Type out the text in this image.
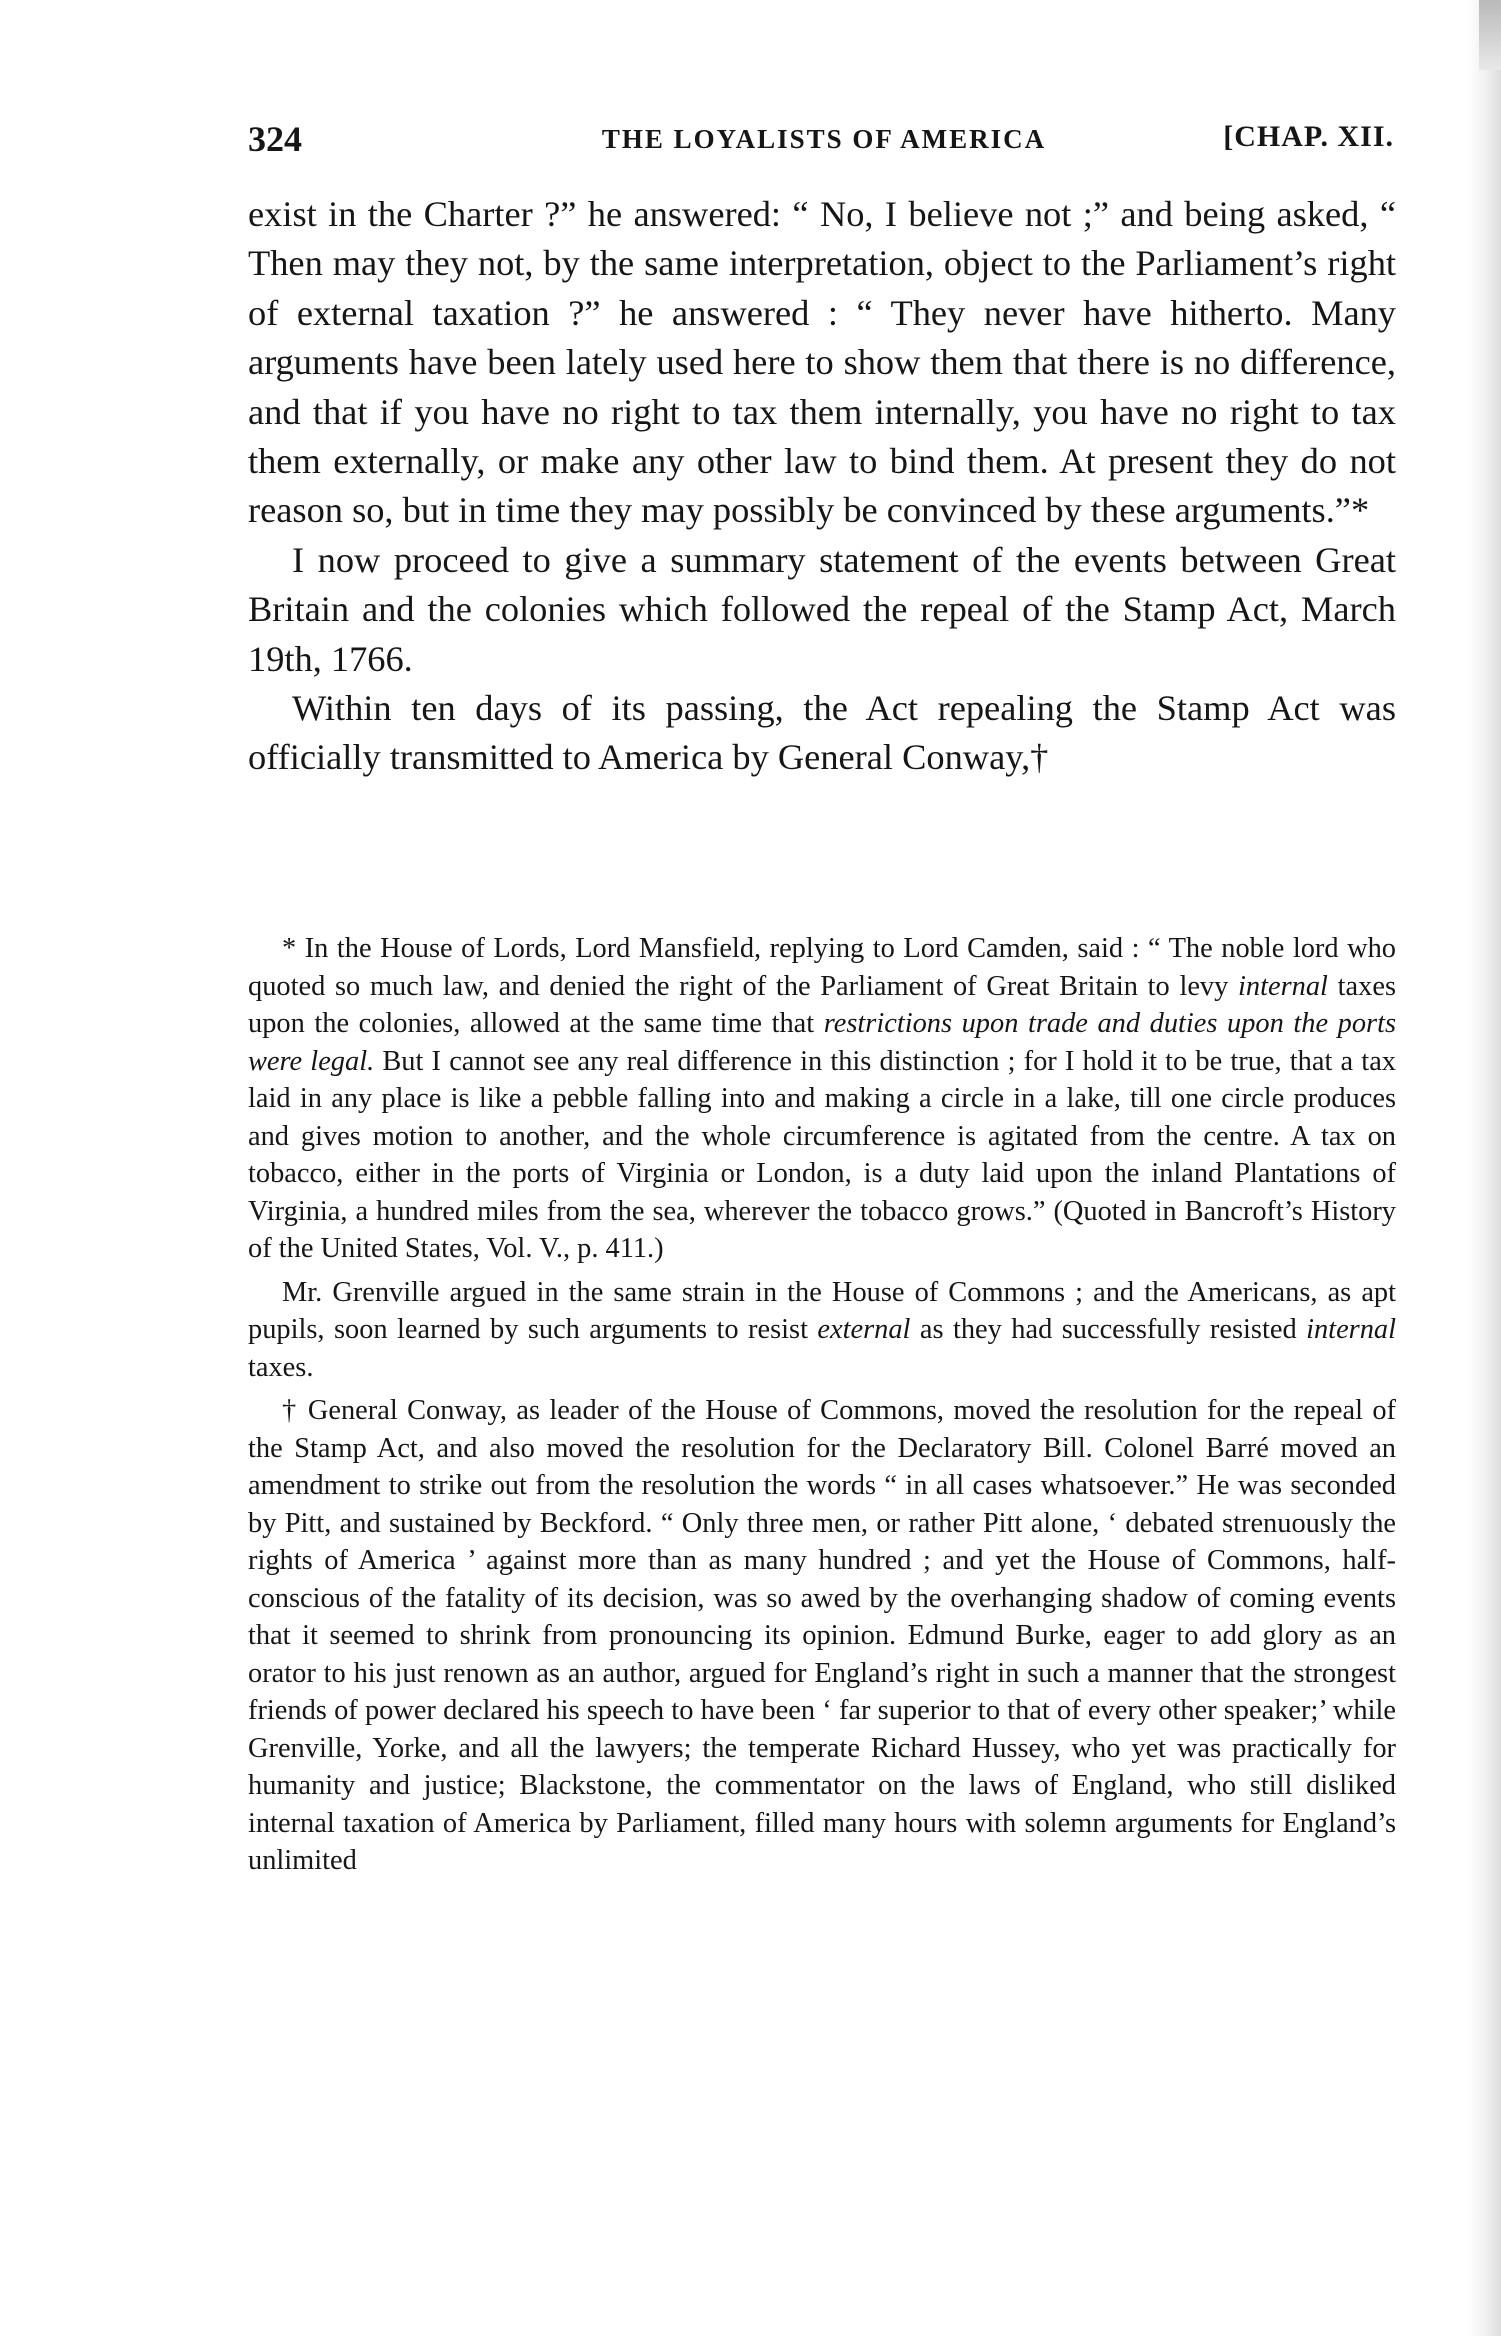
324	THE LOYALISTS OF AMERICA	[CHAP. XII.

exist in the Charter ?” he answered: “ No, I believe not ;” and being asked, “ Then may they not, by the same interpretation, object to the Parliament’s right of external taxation ?” he answered : “ They never have hitherto. Many arguments have been lately used here to show them that there is no difference, and that if you have no right to tax them internally, you have no right to tax them externally, or make any other law to bind them. At present they do not reason so, but in time they may possibly be convinced by these arguments.”*

I now proceed to give a summary statement of the events between Great Britain and the colonies which followed the repeal of the Stamp Act, March 19th, 1766.

Within ten days of its passing, the Act repealing the Stamp Act was officially transmitted to America by General Conway,†

* In the House of Lords, Lord Mansfield, replying to Lord Camden, said : “ The noble lord who quoted so much law, and denied the right of the Parliament of Great Britain to levy internal taxes upon the colonies, allowed at the same time that restrictions upon trade and duties upon the ports were legal. But I cannot see any real difference in this distinction ; for I hold it to be true, that a tax laid in any place is like a pebble falling into and making a circle in a lake, till one circle produces and gives motion to another, and the whole circumference is agitated from the centre. A tax on tobacco, either in the ports of Virginia or London, is a duty laid upon the inland Plantations of Virginia, a hundred miles from the sea, wherever the tobacco grows.” (Quoted in Bancroft’s History of the United States, Vol. V., p. 411.)

Mr. Grenville argued in the same strain in the House of Commons ; and the Americans, as apt pupils, soon learned by such arguments to resist external as they had successfully resisted internal taxes.

† General Conway, as leader of the House of Commons, moved the resolution for the repeal of the Stamp Act, and also moved the resolution for the Declaratory Bill. Colonel Barré moved an amendment to strike out from the resolution the words “ in all cases whatsoever.” He was seconded by Pitt, and sustained by Beckford. “ Only three men, or rather Pitt alone, ‘ debated strenuously the rights of America ’ against more than as many hundred ; and yet the House of Commons, half-conscious of the fatality of its decision, was so awed by the overhanging shadow of coming events that it seemed to shrink from pronouncing its opinion. Edmund Burke, eager to add glory as an orator to his just renown as an author, argued for England’s right in such a manner that the strongest friends of power declared his speech to have been ‘ far superior to that of every other speaker;’ while Grenville, Yorke, and all the lawyers; the temperate Richard Hussey, who yet was practically for humanity and justice; Blackstone, the commentator on the laws of England, who still disliked internal taxation of America by Parliament, filled many hours with solemn arguments for England’s unlimited
